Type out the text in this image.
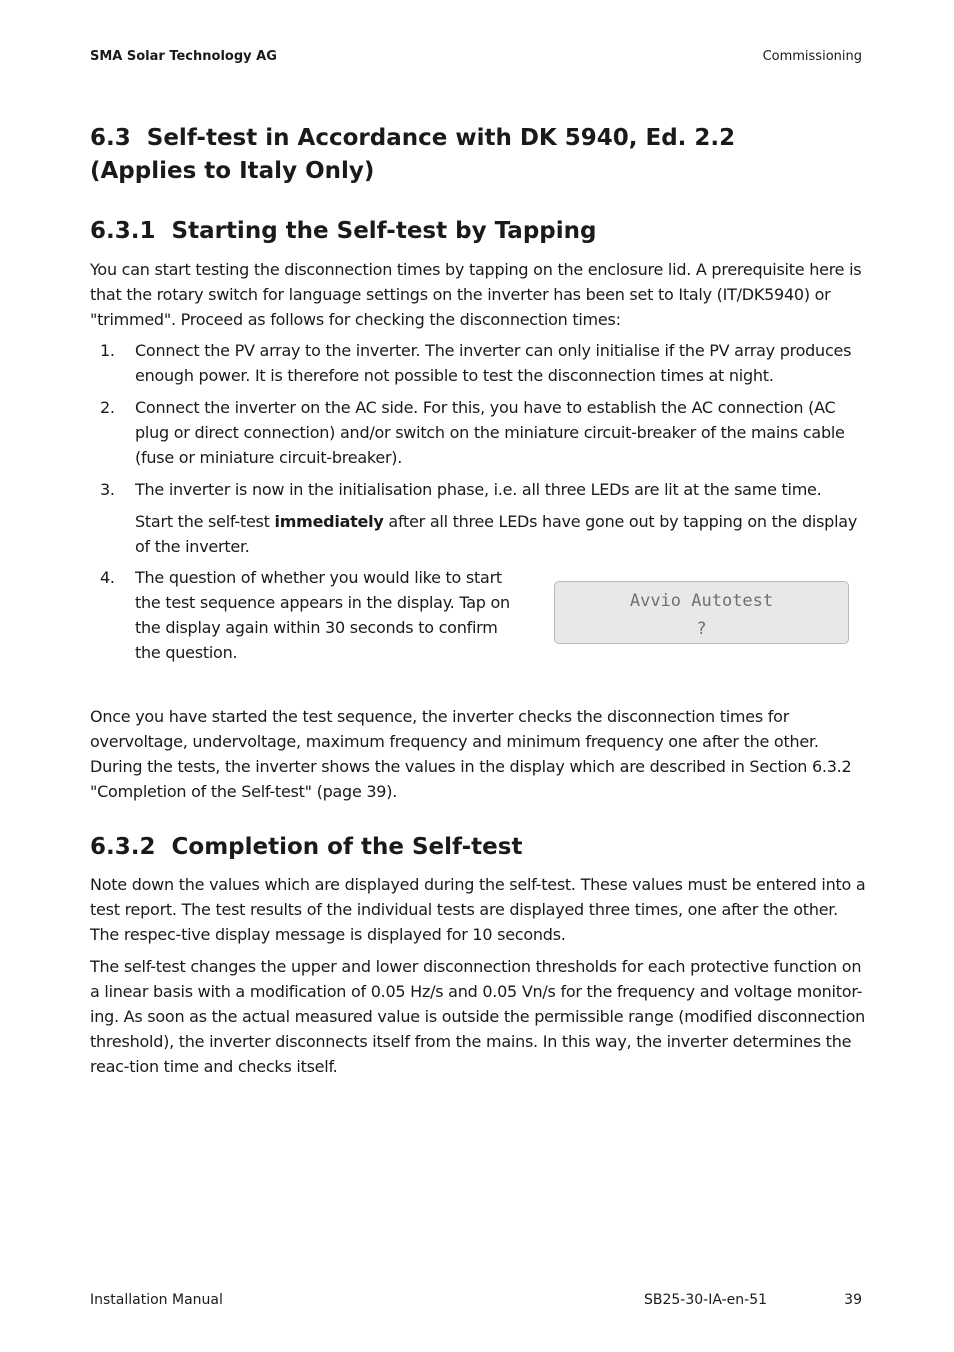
SMA Solar Technology AG	Commissioning
6.3 Self-test in Accordance with DK 5940, Ed. 2.2
(Applies to Italy Only)
6.3.1 Starting the Self-test by Tapping

You can start testing the disconnection times by tapping on the enclosure lid. A prerequisite here is that the rotary switch for language settings on the inverter has been set to Italy (IT/DK5940) or "trimmed". Proceed as follows for checking the disconnection times:

1. Connect the PV array to the inverter. The inverter can only initialise if the PV array produces enough power. It is therefore not possible to test the disconnection times at night.
2. Connect the inverter on the AC side. For this, you have to establish the AC connection (AC plug or direct connection) and/or switch on the miniature circuit-breaker of the mains cable (fuse or miniature circuit-breaker).
3. The inverter is now in the initialisation phase, i.e. all three LEDs are lit at the same time.
Start the self-test immediately after all three LEDs have gone out by tapping on the display of the inverter.
4. The question of whether you would like to start the test sequence appears in the display. Tap on the display again within 30 seconds to confirm the question.
Avvio Autotest
?

Once you have started the test sequence, the inverter checks the disconnection times for overvoltage, undervoltage, maximum frequency and minimum frequency one after the other. During the tests, the inverter shows the values in the display which are described in Section 6.3.2 "Completion of the Self-test" (page 39).

6.3.2 Completion of the Self-test

Note down the values which are displayed during the self-test. These values must be entered into a test report. The test results of the individual tests are displayed three times, one after the other. The respec-tive display message is displayed for 10 seconds.

The self-test changes the upper and lower disconnection thresholds for each protective function on a linear basis with a modification of 0.05 Hz/s and 0.05 Vn/s for the frequency and voltage monitor-ing. As soon as the actual measured value is outside the permissible range (modified disconnection threshold), the inverter disconnects itself from the mains. In this way, the inverter determines the reac-tion time and checks itself.

Installation Manual	SB25-30-IA-en-51	39
